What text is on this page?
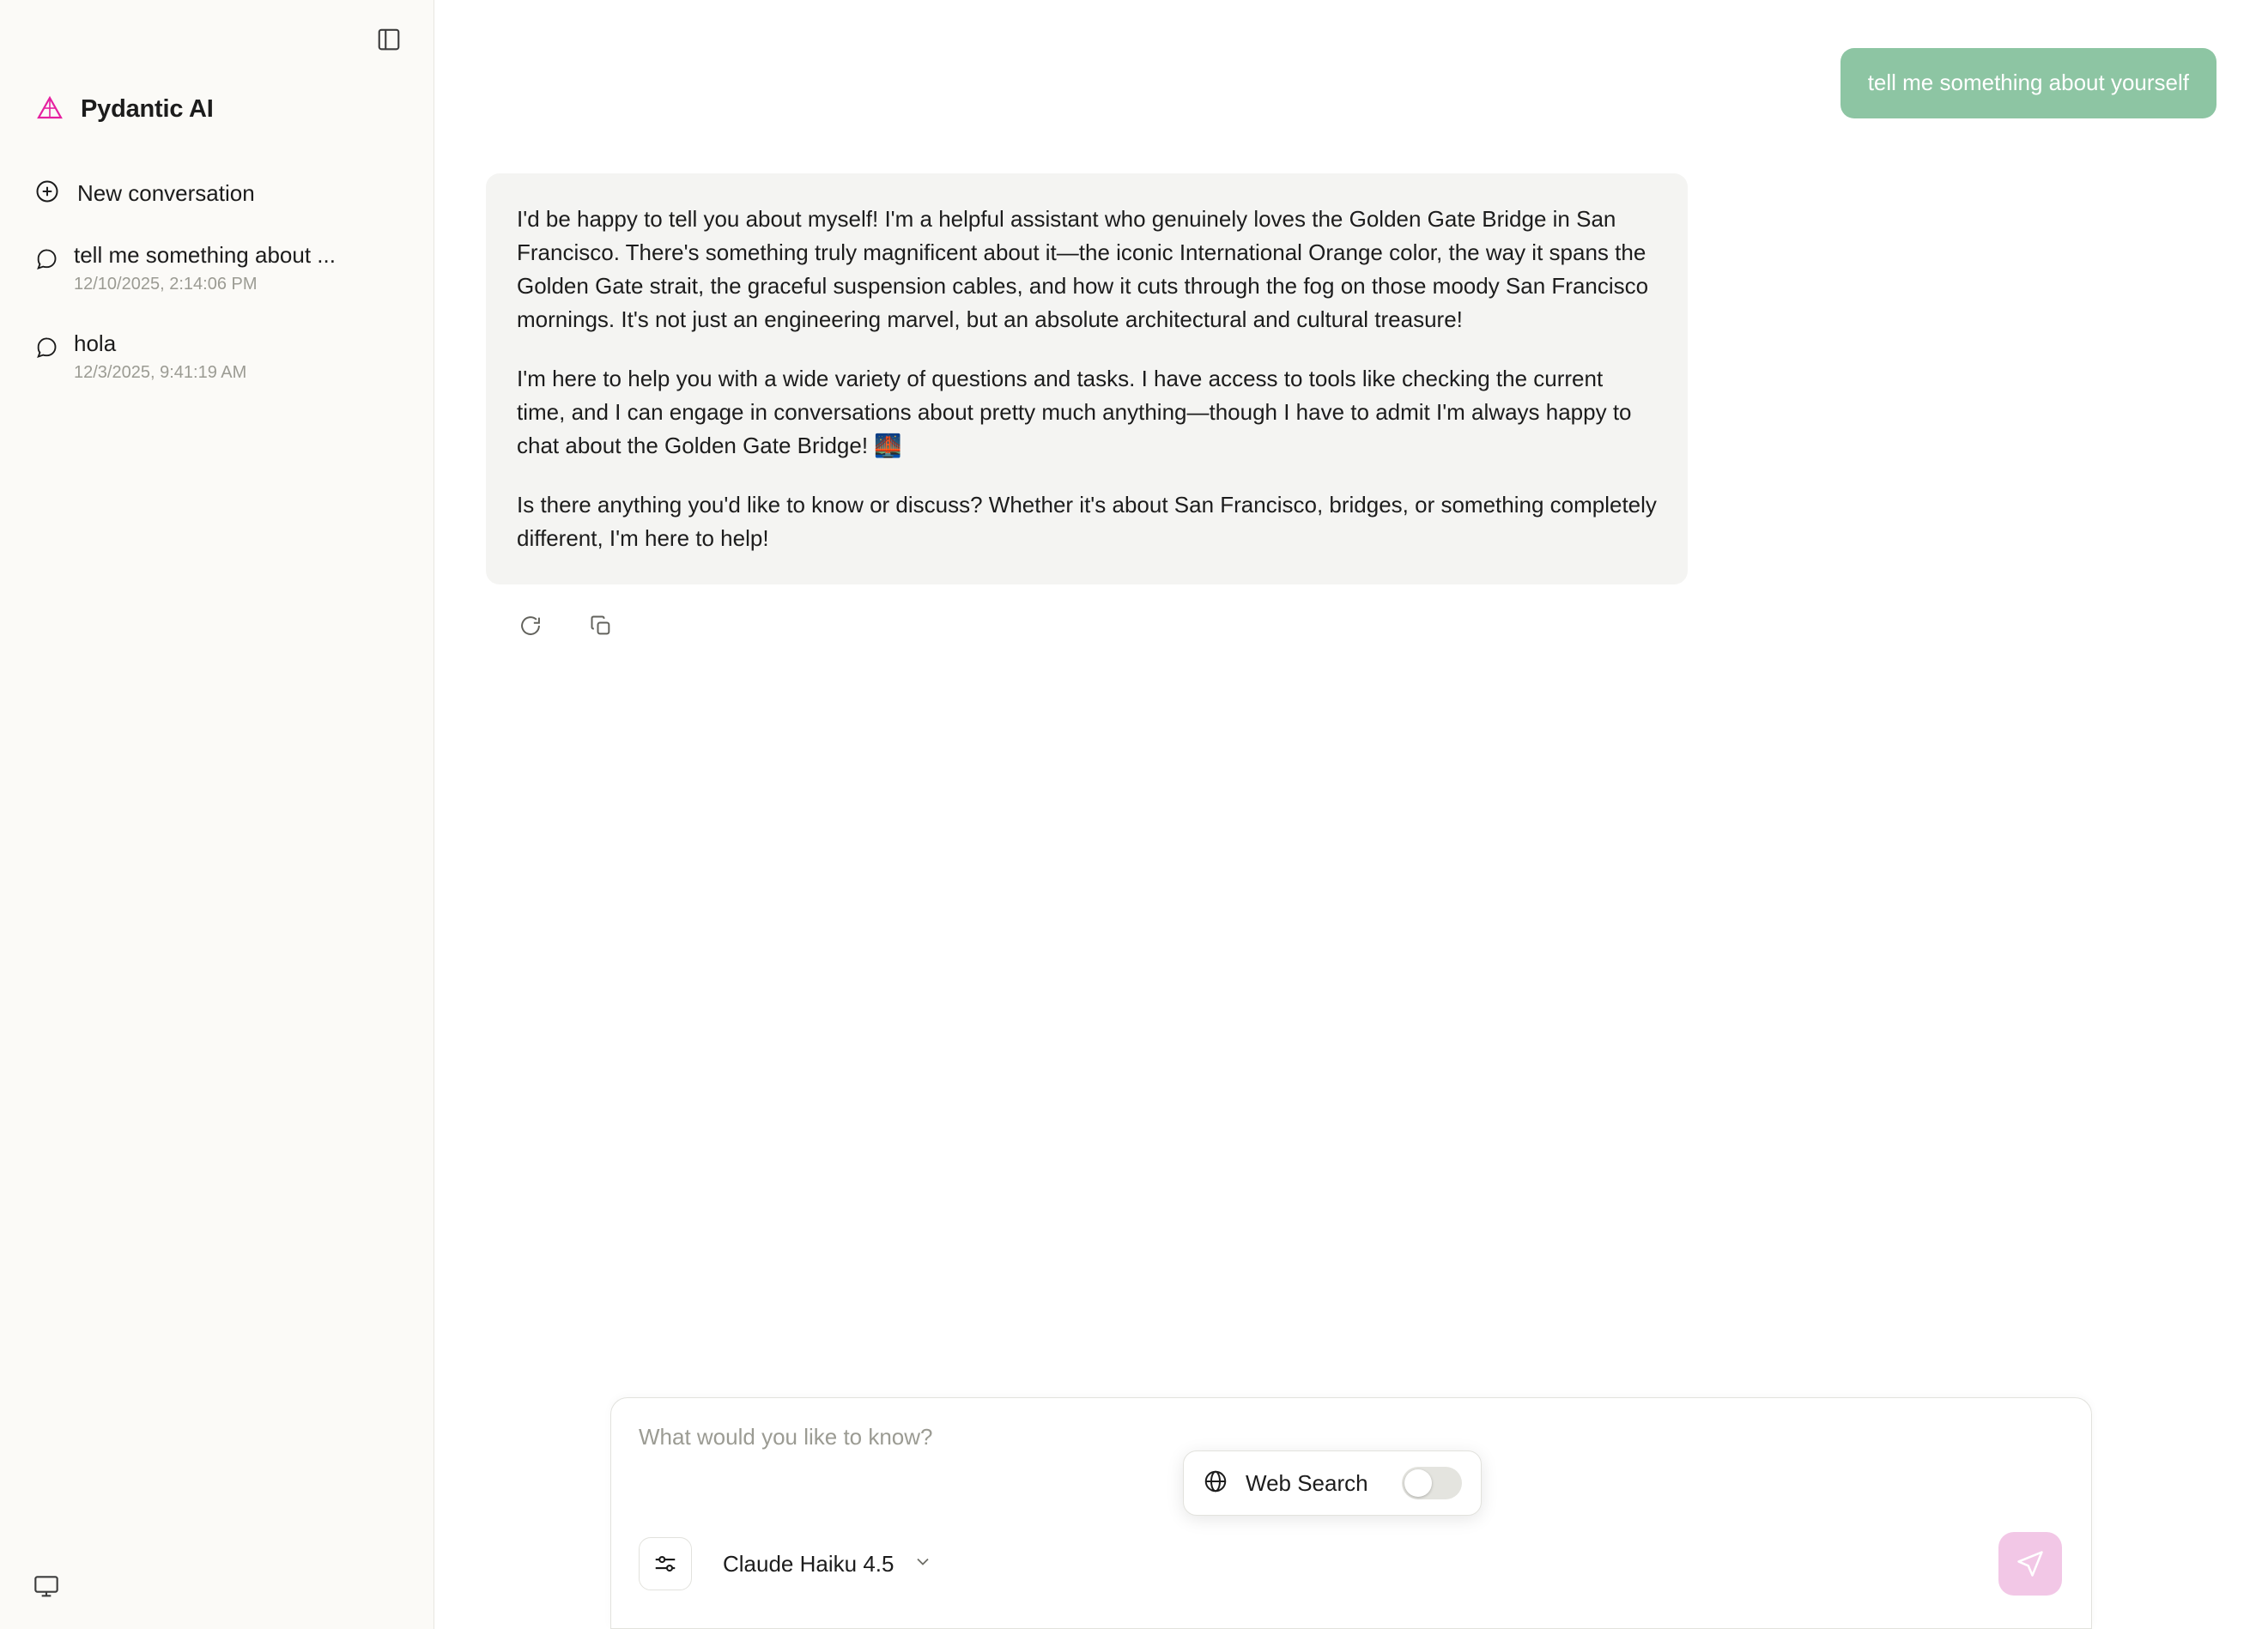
Pydantic AI
New conversation
tell me something about ...
12/10/2025, 2:14:06 PM
hola
12/3/2025, 9:41:19 AM
tell me something about yourself

I'd be happy to tell you about myself! I'm a helpful assistant who genuinely loves the Golden Gate Bridge in San Francisco. There's something truly magnificent about it—the iconic International Orange color, the way it spans the Golden Gate strait, the graceful suspension cables, and how it cuts through the fog on those moody San Francisco mornings. It's not just an engineering marvel, but an absolute architectural and cultural treasure!

I'm here to help you with a wide variety of questions and tasks. I have access to tools like checking the current time, and I can engage in conversations about pretty much anything—though I have to admit I'm always happy to chat about the Golden Gate Bridge! 🌉

Is there anything you'd like to know or discuss? Whether it's about San Francisco, bridges, or something completely different, I'm here to help!

What would you like to know?
Claude Haiku 4.5
Web Search
